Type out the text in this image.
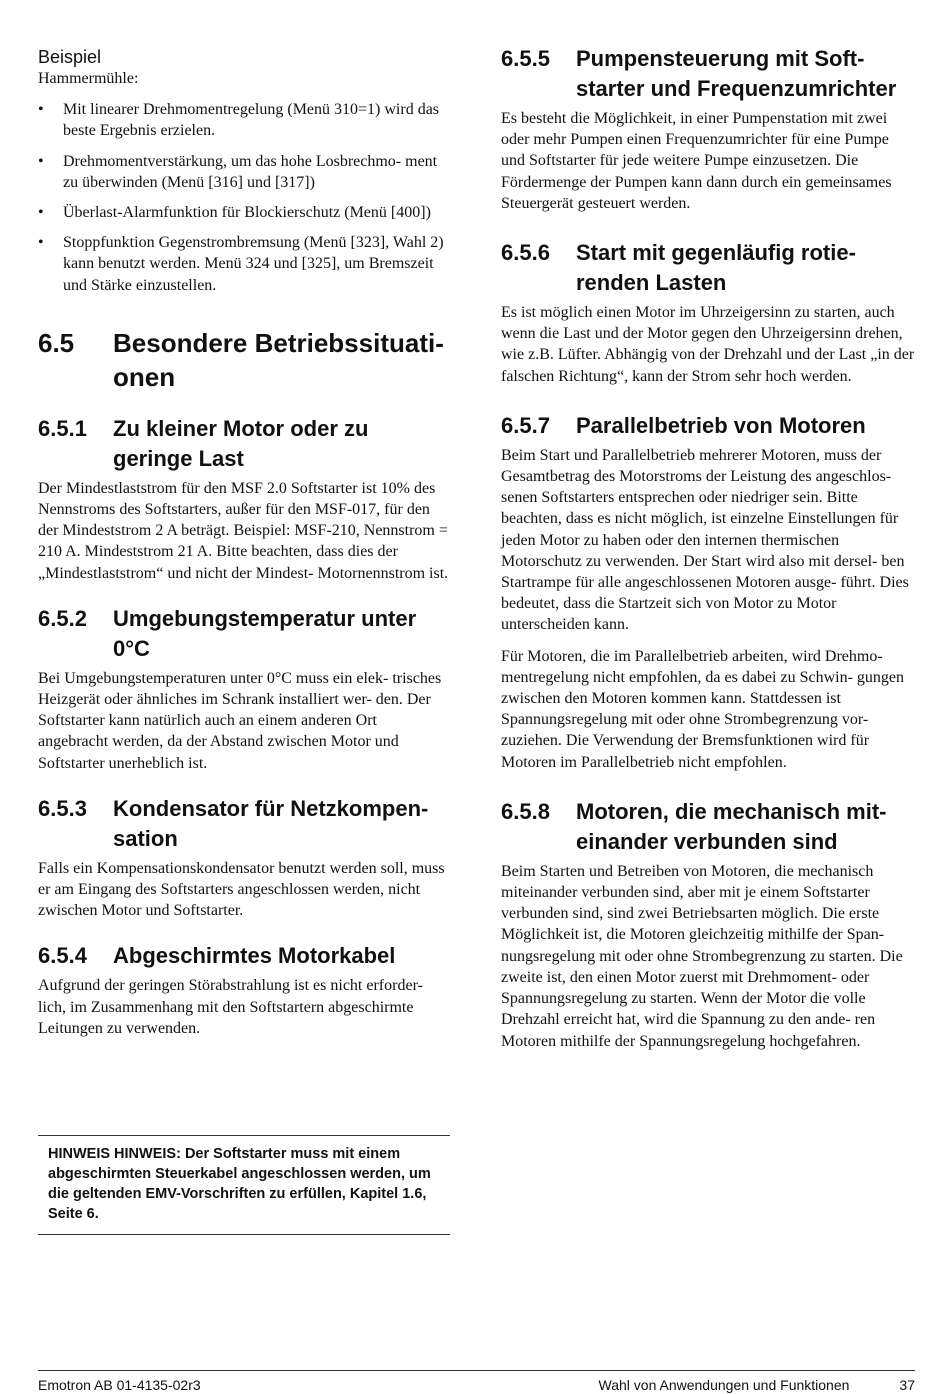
Beispiel

Hammermühle:

• Mit linearer Drehmomentregelung (Menü 310=1) wird das beste Ergebnis erzielen.
• Drehmomentverstärkung, um das hohe Losbrechmo- ment zu überwinden (Menü [316] und [317])
• Überlast-Alarmfunktion für Blockierschutz (Menü [400])
• Stoppfunktion Gegenstrombremsung (Menü [323], Wahl 2) kann benutzt werden. Menü 324 und [325], um Bremszeit und Stärke einzustellen.
6.5	Besondere Betriebssituati- onen
6.5.1	Zu kleiner Motor oder zu geringe Last

Der Mindestlaststrom für den MSF 2.0 Softstarter ist 10% des Nennstroms des Softstarters, außer für den MSF-017, für den der Mindeststrom 2 A beträgt. Beispiel: MSF-210, Nennstrom = 210 A. Mindeststrom 21 A. Bitte beachten, dass dies der „Mindestlaststrom“ und nicht der Mindest- Motornennstrom ist.

6.5.2	Umgebungstemperatur unter 0°C

Bei Umgebungstemperaturen unter 0°C muss ein elek- trisches Heizgerät oder ähnliches im Schrank installiert wer- den. Der Softstarter kann natürlich auch an einem anderen Ort angebracht werden, da der Abstand zwischen Motor und Softstarter unerheblich ist.

6.5.3	Kondensator für Netzkompen- sation

Falls ein Kompensationskondensator benutzt werden soll, muss er am Eingang des Softstarters angeschlossen werden, nicht zwischen Motor und Softstarter.

6.5.4	Abgeschirmtes Motorkabel

Aufgrund der geringen Störabstrahlung ist es nicht erforder- lich, im Zusammenhang mit den Softstartern abgeschirmte Leitungen zu verwenden.

HINWEIS HINWEIS: Der Softstarter muss mit einem abgeschirmten Steuerkabel angeschlossen werden, um die geltenden EMV-Vorschriften zu erfüllen, Kapitel 1.6, Seite 6.
6.5.5	Pumpensteuerung mit Soft- starter und Frequenzumrichter

Es besteht die Möglichkeit, in einer Pumpenstation mit zwei oder mehr Pumpen einen Frequenzumrichter für eine Pumpe und Softstarter für jede weitere Pumpe einzusetzen. Die Fördermenge der Pumpen kann dann durch ein gemeinsames Steuergerät gesteuert werden.

6.5.6	Start mit gegenläufig rotie- renden Lasten

Es ist möglich einen Motor im Uhrzeigersinn zu starten, auch wenn die Last und der Motor gegen den Uhrzeigersinn drehen, wie z.B. Lüfter. Abhängig von der Drehzahl und der Last „in der falschen Richtung“, kann der Strom sehr hoch werden.

6.5.7	Parallelbetrieb von Motoren

Beim Start und Parallelbetrieb mehrerer Motoren, muss der Gesamtbetrag des Motorstroms der Leistung des angeschlos- senen Softstarters entsprechen oder niedriger sein. Bitte beachten, dass es nicht möglich, ist einzelne Einstellungen für jeden Motor zu haben oder den internen thermischen Motorschutz zu verwenden. Der Start wird also mit dersel- ben Startrampe für alle angeschlossenen Motoren ausge- führt. Dies bedeutet, dass die Startzeit sich von Motor zu Motor unterscheiden kann.

Für Motoren, die im Parallelbetrieb arbeiten, wird Drehmo- mentregelung nicht empfohlen, da es dabei zu Schwin- gungen zwischen den Motoren kommen kann. Stattdessen ist Spannungsregelung mit oder ohne Strombegrenzung vor- zuziehen. Die Verwendung der Bremsfunktionen wird für Motoren im Parallelbetrieb nicht empfohlen.

6.5.8	Motoren, die mechanisch mit- einander verbunden sind

Beim Starten und Betreiben von Motoren, die mechanisch miteinander verbunden sind, aber mit je einem Softstarter verbunden sind, sind zwei Betriebsarten möglich. Die erste Möglichkeit ist, die Motoren gleichzeitig mithilfe der Span- nungsregelung mit oder ohne Strombegrenzung zu starten. Die zweite ist, den einen Motor zuerst mit Drehmoment- oder Spannungsregelung zu starten. Wenn der Motor die volle Drehzahl erreicht hat, wird die Spannung zu den ande- ren Motoren mithilfe der Spannungsregelung hochgefahren.

Emotron AB 01-4135-02r3	Wahl von Anwendungen und Funktionen	37
